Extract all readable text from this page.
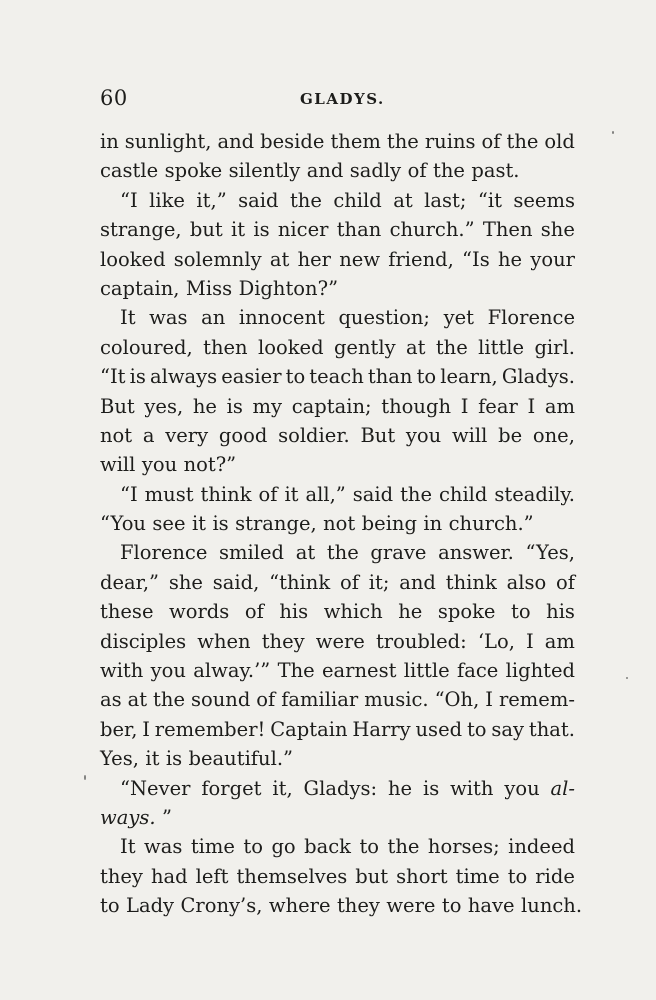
60	GLADYS.
in sunlight, and beside them the ruins of the old
castle spoke silently and sadly of the past.
“I like it,” said the child at last; “it seems
strange, but it is nicer than church.” Then she
looked solemnly at her new friend, “Is he your
captain, Miss Dighton?”
It was an innocent question; yet Florence
coloured, then looked gently at the little girl.
“It is always easier to teach than to learn, Gladys.
But yes, he is my captain; though I fear I am
not a very good soldier. But you will be one,
will you not?”
“I must think of it all,” said the child steadily.
“You see it is strange, not being in church.”
Florence smiled at the grave answer. “Yes,
dear,” she said, “think of it; and think also of
these words of his which he spoke to his
disciples when they were troubled: ‘Lo, I am
with you alway.’” The earnest little face lighted
as at the sound of familiar music. “Oh, I remem-
ber, I remember! Captain Harry used to say that.
Yes, it is beautiful.”
“Never forget it, Gladys: he is with you al-
ways. ”
It was time to go back to the horses; indeed
they had left themselves but short time to ride
to Lady Crony’s, where they were to have lunch.
